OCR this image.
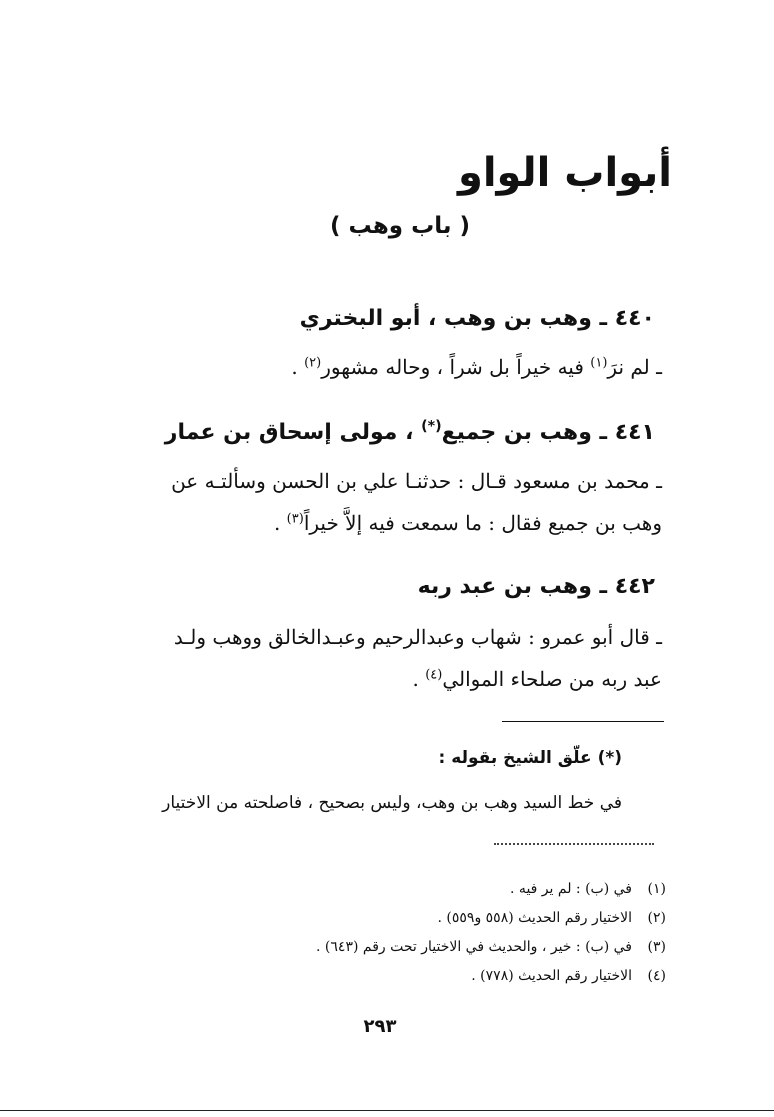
أبواب الواو
( باب وهب )
٤٤٠ ـ وهب بن وهب ، أبو البختري
ـ لم نرَ$^{(١)}$ فيه خيراً بل شراً ، وحاله مشهور$^{(٢)}$ .
٤٤١ ـ وهب بن جميع(*) ، مولى إسحاق بن عمار
ـ محمد بن مسعود قـال : حدثنـا علي بن الحسن وسألتـه عن
وهب بن جميع فقال : ما سمعت فيه إلاَّ خيراً$^{(٣)}$ .
٤٤٢ ـ وهب بن عبد ربه
ـ قال أبو عمرو : شهاب وعبدالرحيم وعبـدالخالق ووهب ولـد
عبد ربه من صلحاء الموالي$^{(٤)}$ .
(*) علّق الشيخ بقوله :
في خط السيد وهب بن وهب، وليس بصحيح ، فاصلحته من الاختيار
(١)
في (ب) : لم ير فيه .
(٢)
الاختيار رقم الحديث (٥٥٨ و٥٥٩) .
(٣)
في (ب) : خير ، والحديث في الاختيار تحت رقم (٦٤٣) .
(٤)
الاختيار رقم الحديث (٧٧٨) .
٢٩٣
